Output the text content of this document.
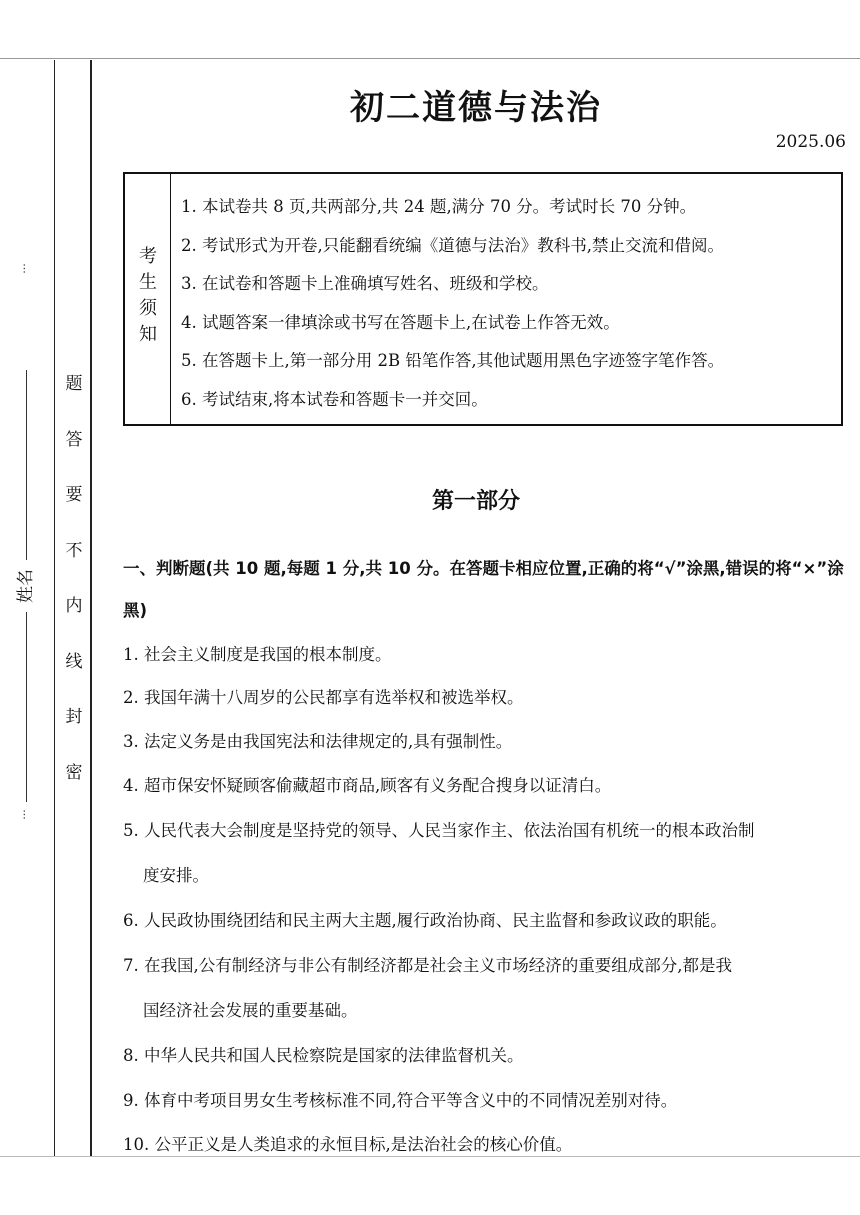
...
姓名
...
题
答
要
不
内
线
封
密
初二道德与法治
2025.06
考
生
须
知
1. 本试卷共 8 页,共两部分,共 24 题,满分 70 分。考试时长 70 分钟。
2. 考试形式为开卷,只能翻看统编《道德与法治》教科书,禁止交流和借阅。
3. 在试卷和答题卡上准确填写姓名、班级和学校。
4. 试题答案一律填涂或书写在答题卡上,在试卷上作答无效。
5. 在答题卡上,第一部分用 2B 铅笔作答,其他试题用黑色字迹签字笔作答。
6. 考试结束,将本试卷和答题卡一并交回。
第一部分
一、判断题(共 10 题,每题 1 分,共 10 分。在答题卡相应位置,正确的将“√”涂黑,错误的将“×”涂黑)
1. 社会主义制度是我国的根本制度。
2. 我国年满十八周岁的公民都享有选举权和被选举权。
3. 法定义务是由我国宪法和法律规定的,具有强制性。
4. 超市保安怀疑顾客偷藏超市商品,顾客有义务配合搜身以证清白。
5. 人民代表大会制度是坚持党的领导、人民当家作主、依法治国有机统一的根本政治制
度安排。
6. 人民政协围绕团结和民主两大主题,履行政治协商、民主监督和参政议政的职能。
7. 在我国,公有制经济与非公有制经济都是社会主义市场经济的重要组成部分,都是我
国经济社会发展的重要基础。
8. 中华人民共和国人民检察院是国家的法律监督机关。
9. 体育中考项目男女生考核标准不同,符合平等含义中的不同情况差别对待。
10. 公平正义是人类追求的永恒目标,是法治社会的核心价值。
